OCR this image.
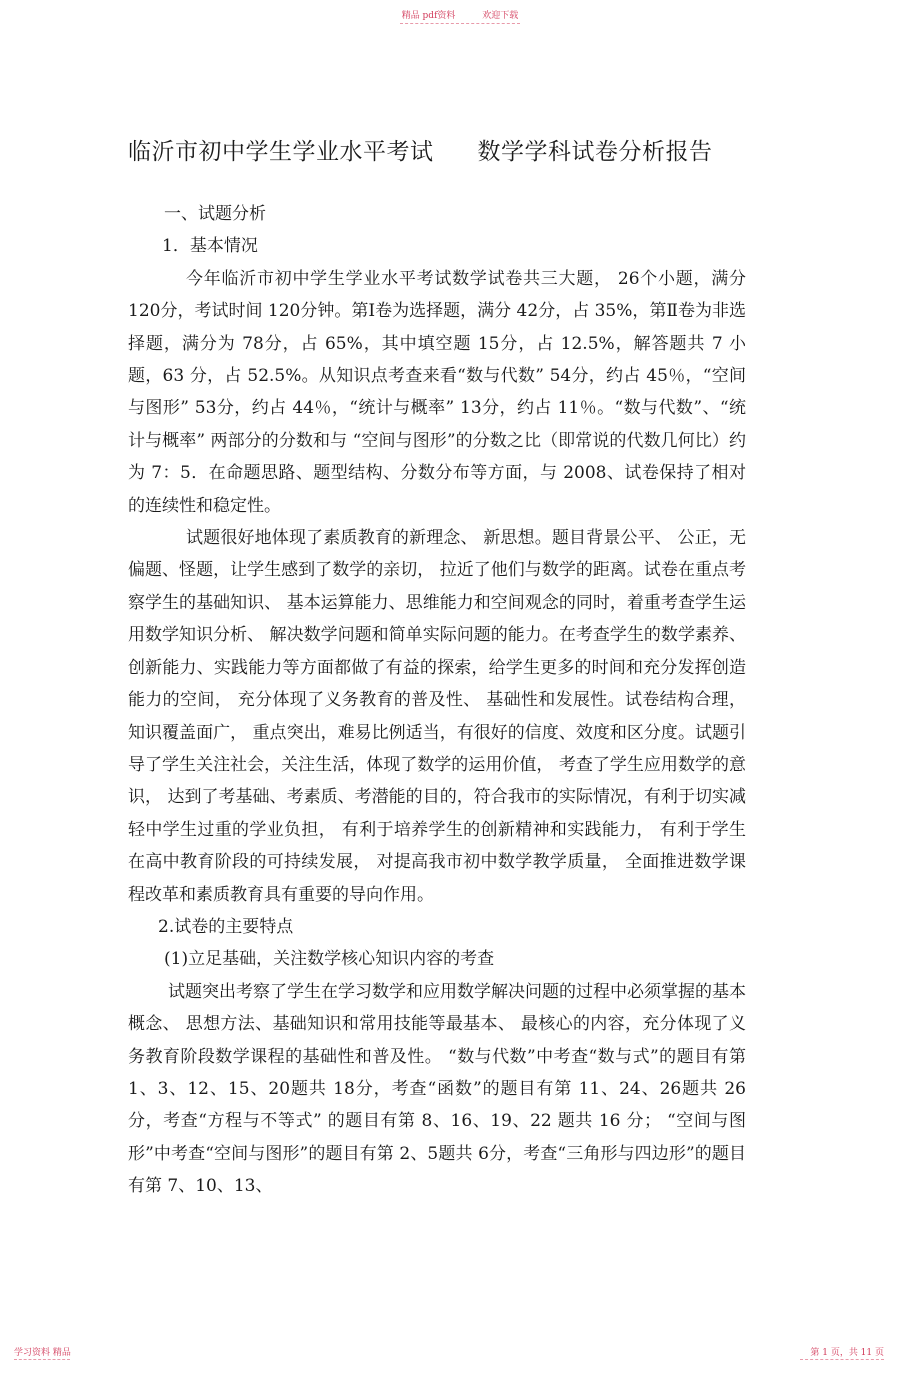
精品 pdf资料	欢迎下载
临沂市初中学生学业水平考试 数学学科试卷分析报告

一、试题分析

1．基本情况

今年临沂市初中学生学业水平考试数学试卷共三大题， 26个小题，满分 120分，考试时间 120分钟。第Ⅰ卷为选择题，满分 42分，占 35%，第Ⅱ卷为非选择题，满分为 78分，占 65%，其中填空题 15分，占 12.5%，解答题共 7 小题，63 分，占 52.5%。从知识点考查来看“数与代数” 54分，约占 45％，“空间与图形” 53分，约占 44％，“统计与概率” 13分，约占 11％。“数与代数”、“统计与概率” 两部分的分数和与 “空间与图形”的分数之比（即常说的代数几何比）约为 7：5．在命题思路、题型结构、分数分布等方面，与 2008、试卷保持了相对的连续性和稳定性。

试题很好地体现了素质教育的新理念、 新思想。题目背景公平、 公正，无偏题、怪题，让学生感到了数学的亲切， 拉近了他们与数学的距离。试卷在重点考察学生的基础知识、 基本运算能力、思维能力和空间观念的同时，着重考查学生运用数学知识分析、 解决数学问题和简单实际问题的能力。在考查学生的数学素养、 创新能力、实践能力等方面都做了有益的探索，给学生更多的时间和充分发挥创造能力的空间， 充分体现了义务教育的普及性、 基础性和发展性。试卷结构合理， 知识覆盖面广， 重点突出，难易比例适当，有很好的信度、效度和区分度。试题引导了学生关注社会，关注生活，体现了数学的运用价值， 考查了学生应用数学的意识， 达到了考基础、考素质、考潜能的目的，符合我市的实际情况，有利于切实减轻中学生过重的学业负担， 有利于培养学生的创新精神和实践能力， 有利于学生在高中教育阶段的可持续发展， 对提高我市初中数学教学质量， 全面推进数学课程改革和素质教育具有重要的导向作用。

2.试卷的主要特点

(1)立足基础，关注数学核心知识内容的考查

试题突出考察了学生在学习数学和应用数学解决问题的过程中必须掌握的基本概念、 思想方法、基础知识和常用技能等最基本、 最核心的内容，充分体现了义务教育阶段数学课程的基础性和普及性。 “数与代数”中考查“数与式”的题目有第 1、3、12、15、20题共 18分，考查“函数”的题目有第 11、24、26题共 26分，考查“方程与不等式” 的题目有第 8、16、19、22 题共 16 分； “空间与图形”中考查“空间与图形”的题目有第 2、5题共 6分，考查“三角形与四边形”的题目有第 7、10、13、

学习资料 精品	第 1 页，共 11 页
